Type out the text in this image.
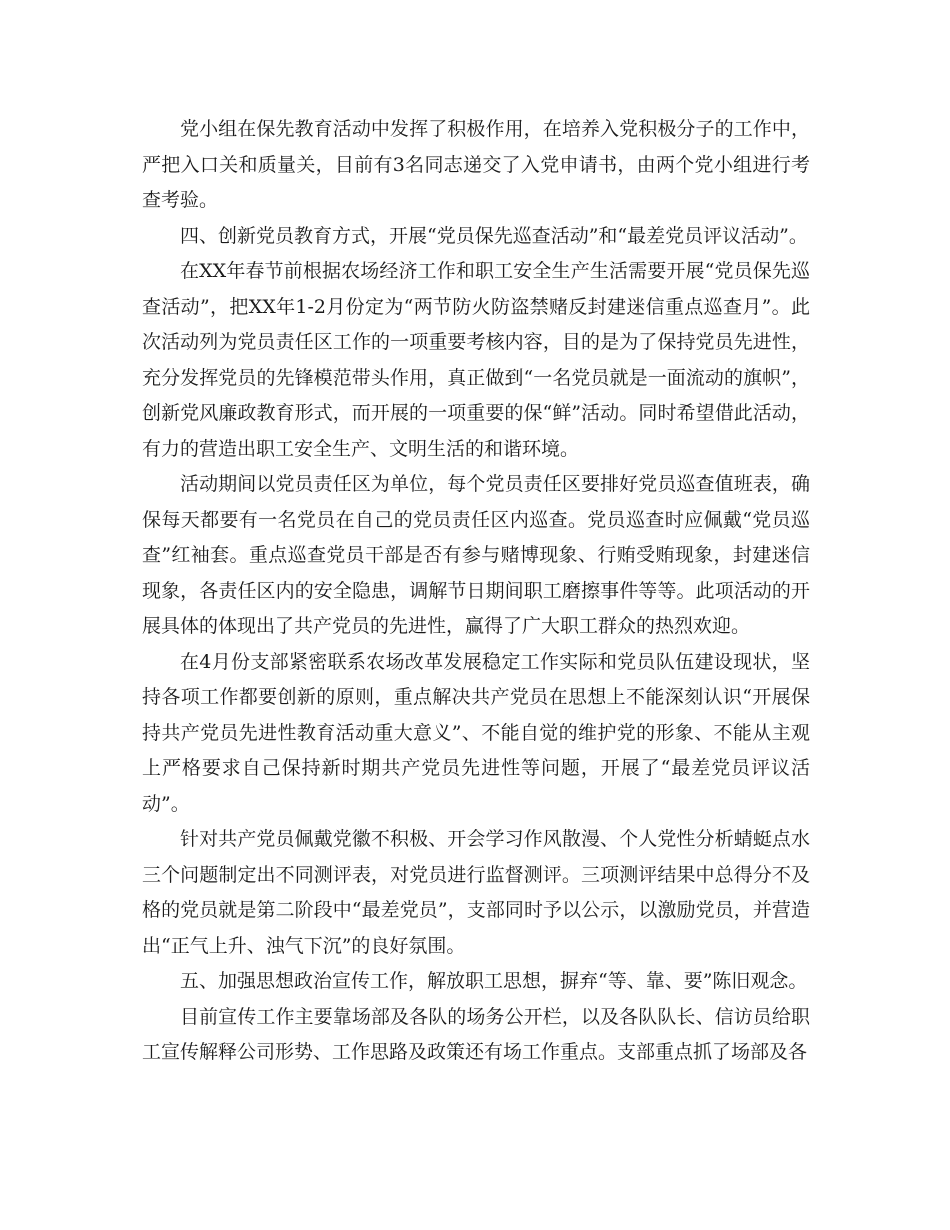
党小组在保先教育活动中发挥了积极作用，在培养入党积极分子的工作中，严把入口关和质量关，目前有3名同志递交了入党申请书，由两个党小组进行考查考验。

四、创新党员教育方式，开展“党员保先巡查活动”和“最差党员评议活动”。

在XX年春节前根据农场经济工作和职工安全生产生活需要开展“党员保先巡查活动”，把XX年1-2月份定为“两节防火防盗禁赌反封建迷信重点巡查月”。此次活动列为党员责任区工作的一项重要考核内容，目的是为了保持党员先进性，充分发挥党员的先锋模范带头作用，真正做到“一名党员就是一面流动的旗帜”，创新党风廉政教育形式，而开展的一项重要的保“鲜”活动。同时希望借此活动，有力的营造出职工安全生产、文明生活的和谐环境。

活动期间以党员责任区为单位，每个党员责任区要排好党员巡查值班表，确保每天都要有一名党员在自己的党员责任区内巡查。党员巡查时应佩戴“党员巡查”红袖套。重点巡查党员干部是否有参与赌博现象、行贿受贿现象，封建迷信现象，各责任区内的安全隐患，调解节日期间职工磨擦事件等等。此项活动的开展具体的体现出了共产党员的先进性，赢得了广大职工群众的热烈欢迎。

在4月份支部紧密联系农场改革发展稳定工作实际和党员队伍建设现状，坚持各项工作都要创新的原则，重点解决共产党员在思想上不能深刻认识“开展保持共产党员先进性教育活动重大意义”、不能自觉的维护党的形象、不能从主观上严格要求自己保持新时期共产党员先进性等问题，开展了“最差党员评议活动”。

针对共产党员佩戴党徽不积极、开会学习作风散漫、个人党性分析蜻蜓点水三个问题制定出不同测评表，对党员进行监督测评。三项测评结果中总得分不及格的党员就是第二阶段中“最差党员”，支部同时予以公示，以激励党员，并营造出“正气上升、浊气下沉”的良好氛围。

五、加强思想政治宣传工作，解放职工思想，摒弃“等、靠、要”陈旧观念。

目前宣传工作主要靠场部及各队的场务公开栏，以及各队队长、信访员给职工宣传解释公司形势、工作思路及政策还有场工作重点。支部重点抓了场部及各
